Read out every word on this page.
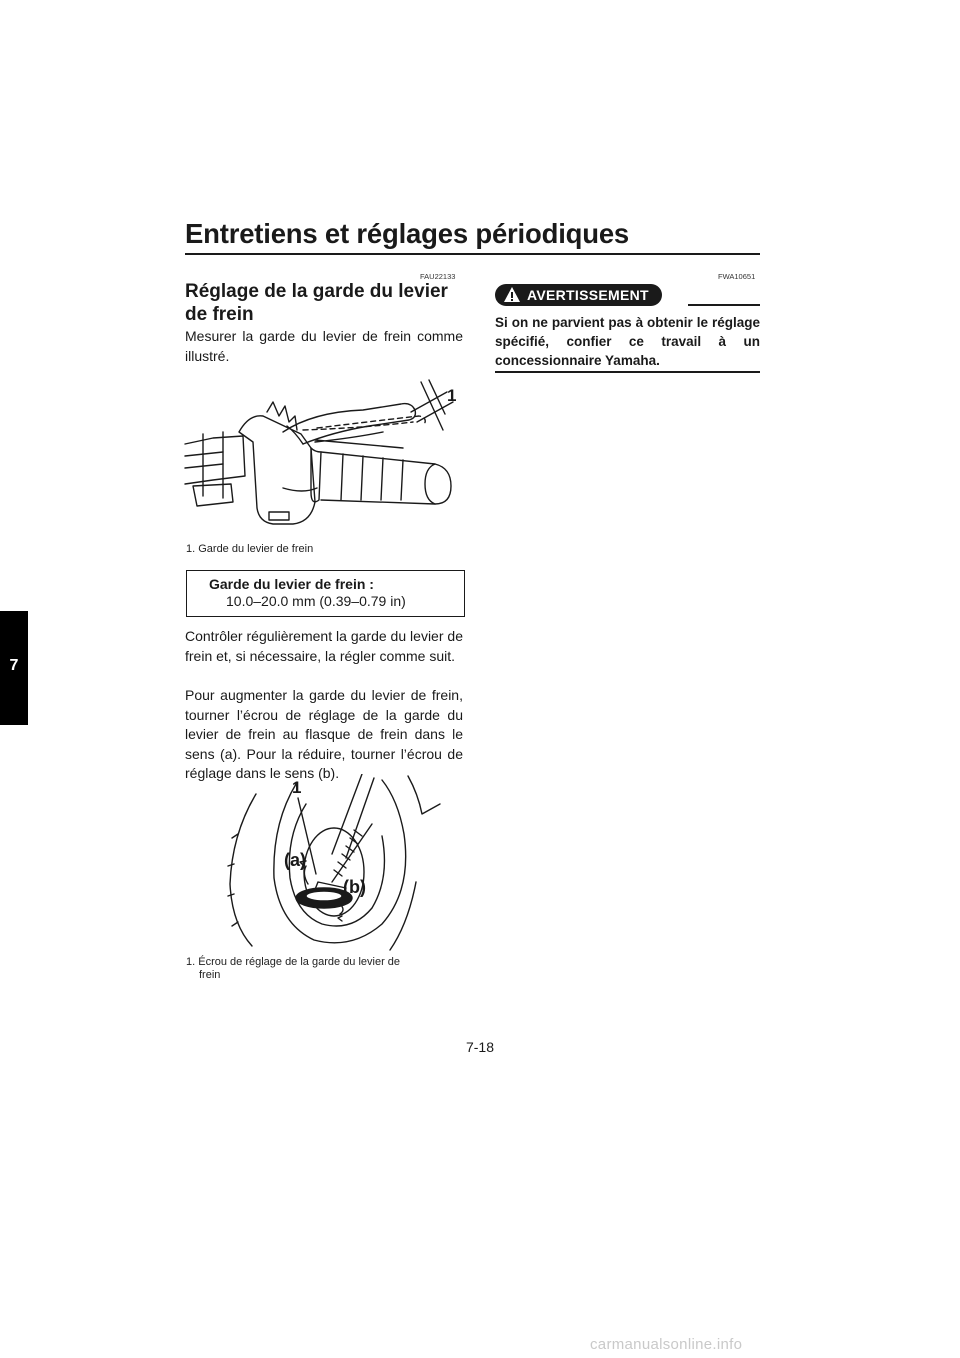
Entretiens et réglages périodiques
7
FAU22133
Réglage de la garde du levier de frein
Mesurer la garde du levier de frein comme illustré.
1
1. Garde du levier de frein
Garde du levier de frein :
10.0–20.0 mm (0.39–0.79 in)
Contrôler régulièrement la garde du levier de frein et, si nécessaire, la régler comme suit.
Pour augmenter la garde du levier de frein, tourner l’écrou de réglage de la garde du levier de frein au flasque de frein dans le sens (a). Pour la réduire, tourner l’écrou de réglage dans le sens (b).
1
(a)
(b)
1. Écrou de réglage de la garde du levier de
frein
FWA10651
AVERTISSEMENT
Si on ne parvient pas à obtenir le réglage spécifié, confier ce travail à un concessionnaire Yamaha.
7-18
carmanualsonline.info
